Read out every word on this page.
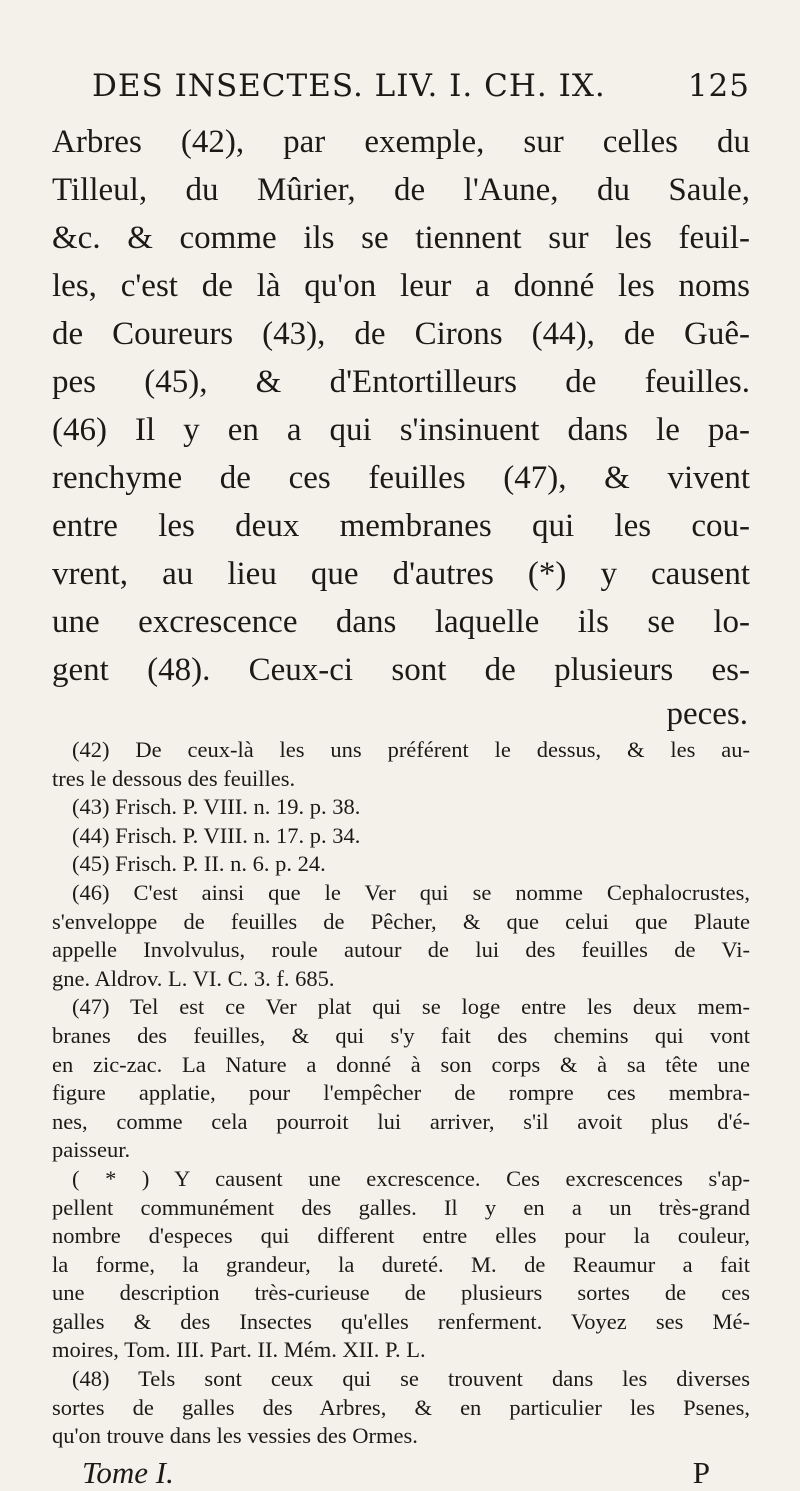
DES INSECTES. LIV. I. CH. IX.	125
Arbres (42), par exemple, sur celles du
Tilleul, du Mûrier, de l'Aune, du Saule,
&c. & comme ils se tiennent sur les feuil-
les, c'est de là qu'on leur a donné les noms
de Coureurs (43), de Cirons (44), de Guê-
pes (45), & d'Entortilleurs de feuilles.
(46) Il y en a qui s'insinuent dans le pa-
renchyme de ces feuilles (47), & vivent
entre les deux membranes qui les cou-
vrent, au lieu que d'autres (*) y causent
une excrescence dans laquelle ils se lo-
gent (48). Ceux-ci sont de plusieurs es-
peces.
(42) De ceux-là les uns préférent le dessus, & les au-
tres le dessous des feuilles.
(43) Frisch. P. VIII. n. 19. p. 38.
(44) Frisch. P. VIII. n. 17. p. 34.
(45) Frisch. P. II. n. 6. p. 24.
(46) C'est ainsi que le Ver qui se nomme Cephalocrustes,
s'enveloppe de feuilles de Pêcher, & que celui que Plaute
appelle Involvulus, roule autour de lui des feuilles de Vi-
gne. Aldrov. L. VI. C. 3. f. 685.
(47) Tel est ce Ver plat qui se loge entre les deux mem-
branes des feuilles, & qui s'y fait des chemins qui vont
en zic-zac. La Nature a donné à son corps & à sa tête une
figure applatie, pour l'empêcher de rompre ces membra-
nes, comme cela pourroit lui arriver, s'il avoit plus d'é-
paisseur.
( * ) Y causent une excrescence. Ces excrescences s'ap-
pellent communément des galles. Il y en a un très-grand
nombre d'especes qui different entre elles pour la couleur,
la forme, la grandeur, la dureté. M. de Reaumur a fait
une description très-curieuse de plusieurs sortes de ces
galles & des Insectes qu'elles renferment. Voyez ses Mé-
moires, Tom. III. Part. II. Mém. XII. P. L.
(48) Tels sont ceux qui se trouvent dans les diverses
sortes de galles des Arbres, & en particulier les Psenes,
qu'on trouve dans les vessies des Ormes.
Tome I.	P
